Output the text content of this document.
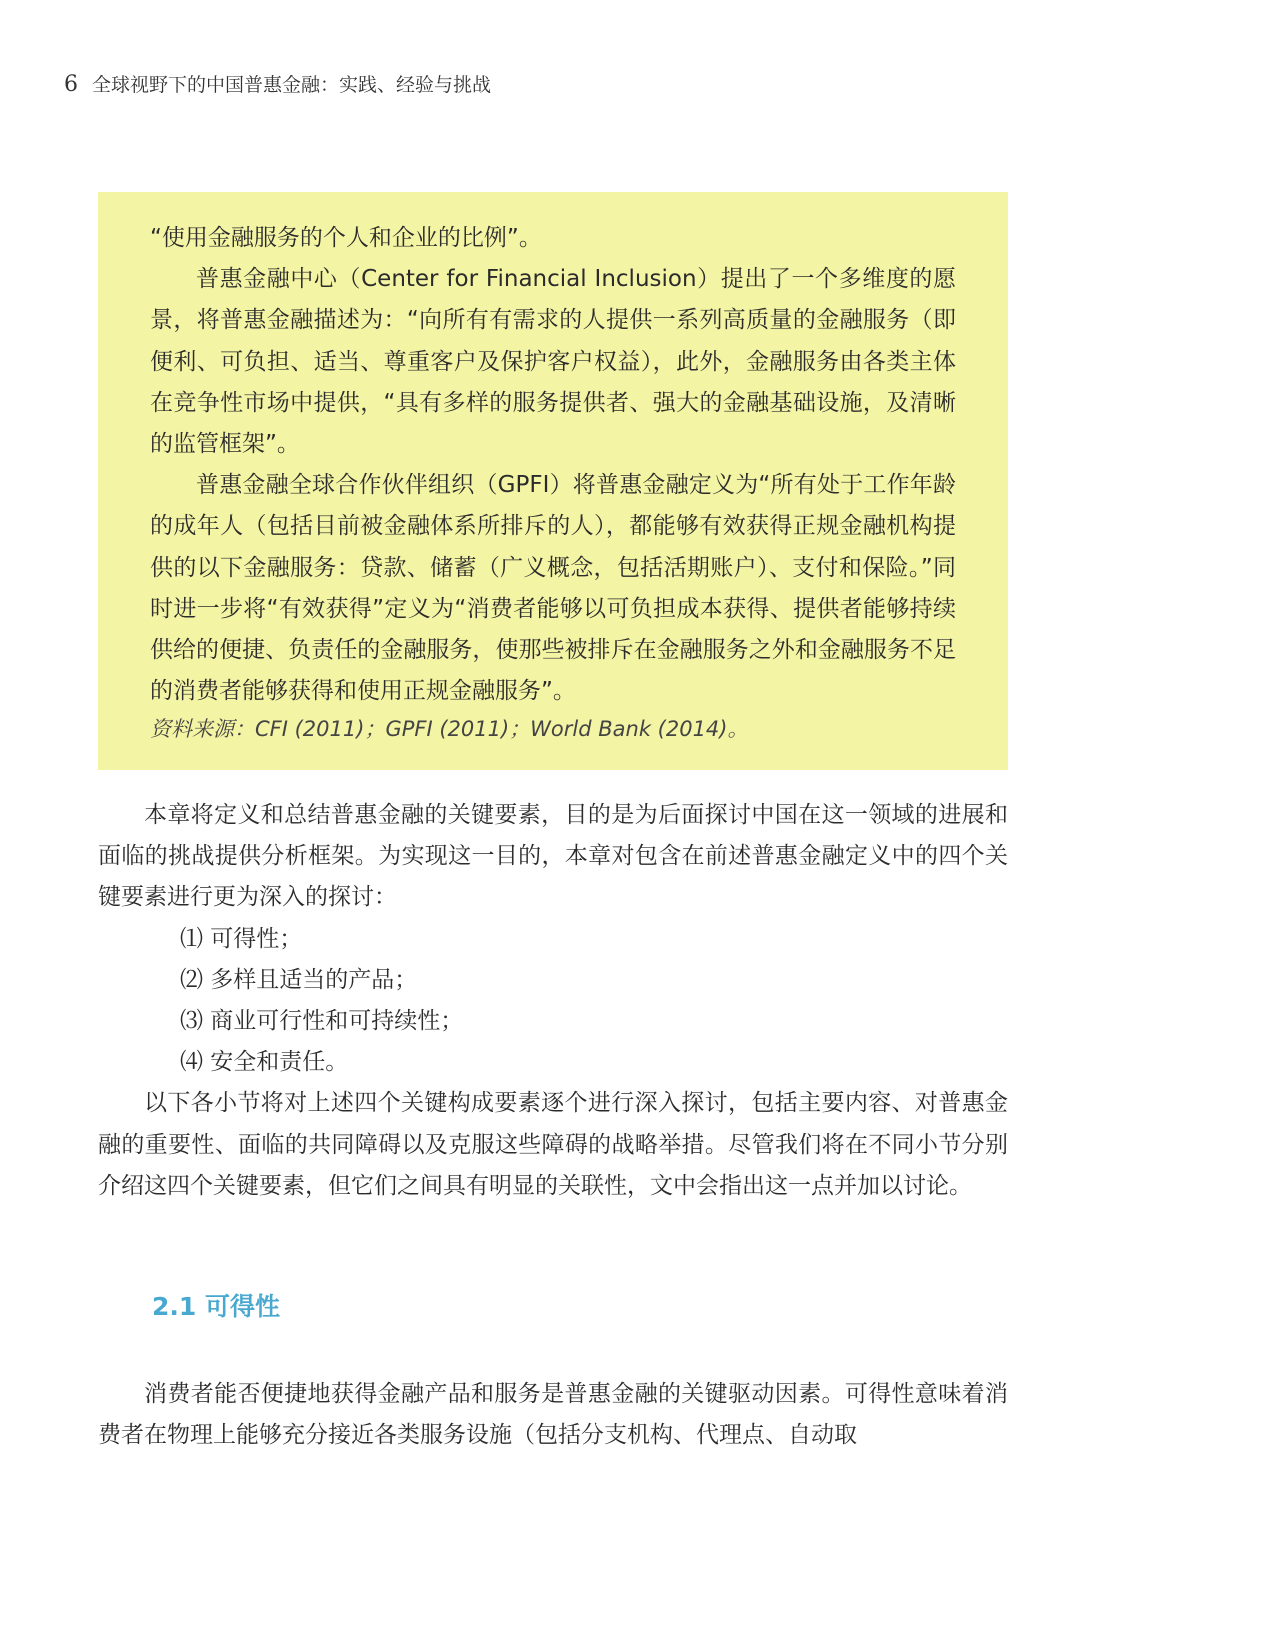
6 全球视野下的中国普惠金融：实践、经验与挑战

“使用金融服务的个人和企业的比例”。

普惠金融中心（Center for Financial Inclusion）提出了一个多维度的愿景，将普惠金融描述为：“向所有有需求的人提供一系列高质量的金融服务（即便利、可负担、适当、尊重客户及保护客户权益），此外，金融服务由各类主体在竞争性市场中提供，“具有多样的服务提供者、强大的金融基础设施，及清晰的监管框架”。

普惠金融全球合作伙伴组织（GPFI）将普惠金融定义为“所有处于工作年龄的成年人（包括目前被金融体系所排斥的人），都能够有效获得正规金融机构提供的以下金融服务：贷款、储蓄（广义概念，包括活期账户）、支付和保险。”同时进一步将“有效获得”定义为“消费者能够以可负担成本获得、提供者能够持续供给的便捷、负责任的金融服务，使那些被排斥在金融服务之外和金融服务不足的消费者能够获得和使用正规金融服务”。

资料来源：CFI (2011)；GPFI (2011)；World Bank (2014)。

本章将定义和总结普惠金融的关键要素，目的是为后面探讨中国在这一领域的进展和面临的挑战提供分析框架。为实现这一目的，本章对包含在前述普惠金融定义中的四个关键要素进行更为深入的探讨：

⑴ 可得性；

⑵ 多样且适当的产品；

⑶ 商业可行性和可持续性；

⑷ 安全和责任。

以下各小节将对上述四个关键构成要素逐个进行深入探讨，包括主要内容、对普惠金融的重要性、面临的共同障碍以及克服这些障碍的战略举措。尽管我们将在不同小节分别介绍这四个关键要素，但它们之间具有明显的关联性，文中会指出这一点并加以讨论。

2.1 可得性

消费者能否便捷地获得金融产品和服务是普惠金融的关键驱动因素。可得性意味着消费者在物理上能够充分接近各类服务设施（包括分支机构、代理点、自动取
